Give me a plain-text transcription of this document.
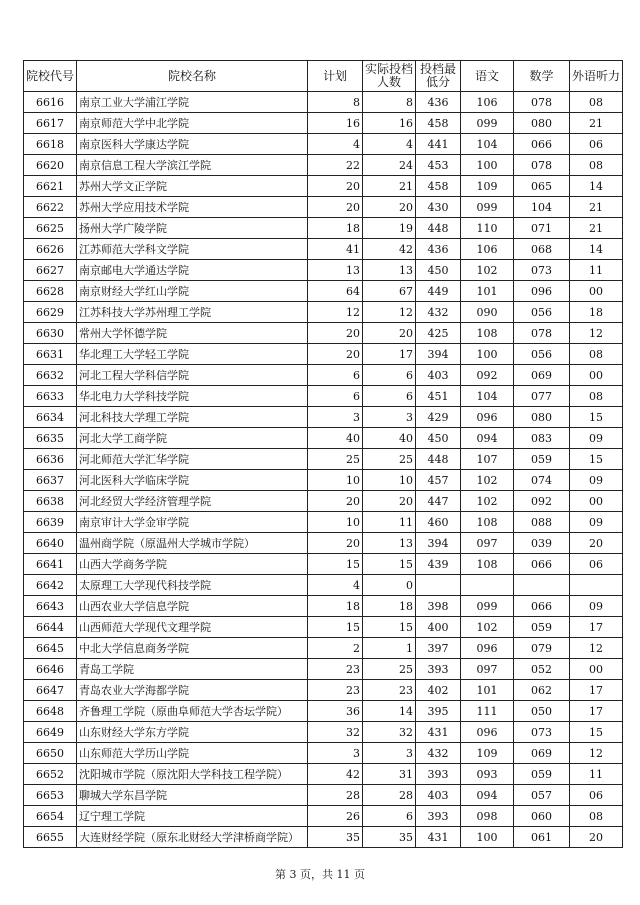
院校代号	院校名称	计划	实际投档人数	投档最低分	语文	数学	外语听力
6616	南京工业大学浦江学院	8	8	436	106	078	08
6617	南京师范大学中北学院	16	16	458	099	080	21
6618	南京医科大学康达学院	4	4	441	104	066	06
6620	南京信息工程大学滨江学院	22	24	453	100	078	08
6621	苏州大学文正学院	20	21	458	109	065	14
6622	苏州大学应用技术学院	20	20	430	099	104	21
6625	扬州大学广陵学院	18	19	448	110	071	21
6626	江苏师范大学科文学院	41	42	436	106	068	14
6627	南京邮电大学通达学院	13	13	450	102	073	11
6628	南京财经大学红山学院	64	67	449	101	096	00
6629	江苏科技大学苏州理工学院	12	12	432	090	056	18
6630	常州大学怀德学院	20	20	425	108	078	12
6631	华北理工大学轻工学院	20	17	394	100	056	08
6632	河北工程大学科信学院	6	6	403	092	069	00
6633	华北电力大学科技学院	6	6	451	104	077	08
6634	河北科技大学理工学院	3	3	429	096	080	15
6635	河北大学工商学院	40	40	450	094	083	09
6636	河北师范大学汇华学院	25	25	448	107	059	15
6637	河北医科大学临床学院	10	10	457	102	074	09
6638	河北经贸大学经济管理学院	20	20	447	102	092	00
6639	南京审计大学金审学院	10	11	460	108	088	09
6640	温州商学院（原温州大学城市学院）	20	13	394	097	039	20
6641	山西大学商务学院	15	15	439	108	066	06
6642	太原理工大学现代科技学院	4	0				
6643	山西农业大学信息学院	18	18	398	099	066	09
6644	山西师范大学现代文理学院	15	15	400	102	059	17
6645	中北大学信息商务学院	2	1	397	096	079	12
6646	青岛工学院	23	25	393	097	052	00
6647	青岛农业大学海都学院	23	23	402	101	062	17
6648	齐鲁理工学院（原曲阜师范大学杏坛学院）	36	14	395	111	050	17
6649	山东财经大学东方学院	32	32	431	096	073	15
6650	山东师范大学历山学院	3	3	432	109	069	12
6652	沈阳城市学院（原沈阳大学科技工程学院）	42	31	393	093	059	11
6653	聊城大学东昌学院	28	28	403	094	057	06
6654	辽宁理工学院	26	6	393	098	060	08
6655	大连财经学院（原东北财经大学津桥商学院）	35	35	431	100	061	20
第 3 页，共 11 页
